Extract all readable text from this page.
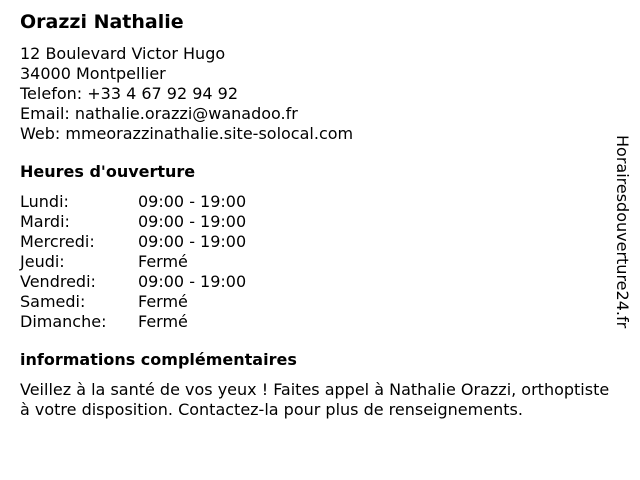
Orazzi Nathalie
12 Boulevard Victor Hugo
34000 Montpellier
Telefon: +33 4 67 92 94 92
Email: nathalie.orazzi@wanadoo.fr
Web: mmeorazzinathalie.site-solocal.com
Heures d'ouverture
Lundi:	09:00 - 19:00
Mardi:	09:00 - 19:00
Mercredi:	09:00 - 19:00
Jeudi:	Fermé
Vendredi:	09:00 - 19:00
Samedi:	Fermé
Dimanche: Fermé
informations complémentaires
Veillez à la santé de vos yeux ! Faites appel à Nathalie Orazzi, orthoptiste à votre disposition. Contactez-la pour plus de renseignements.
Horairesdouverture24.fr
